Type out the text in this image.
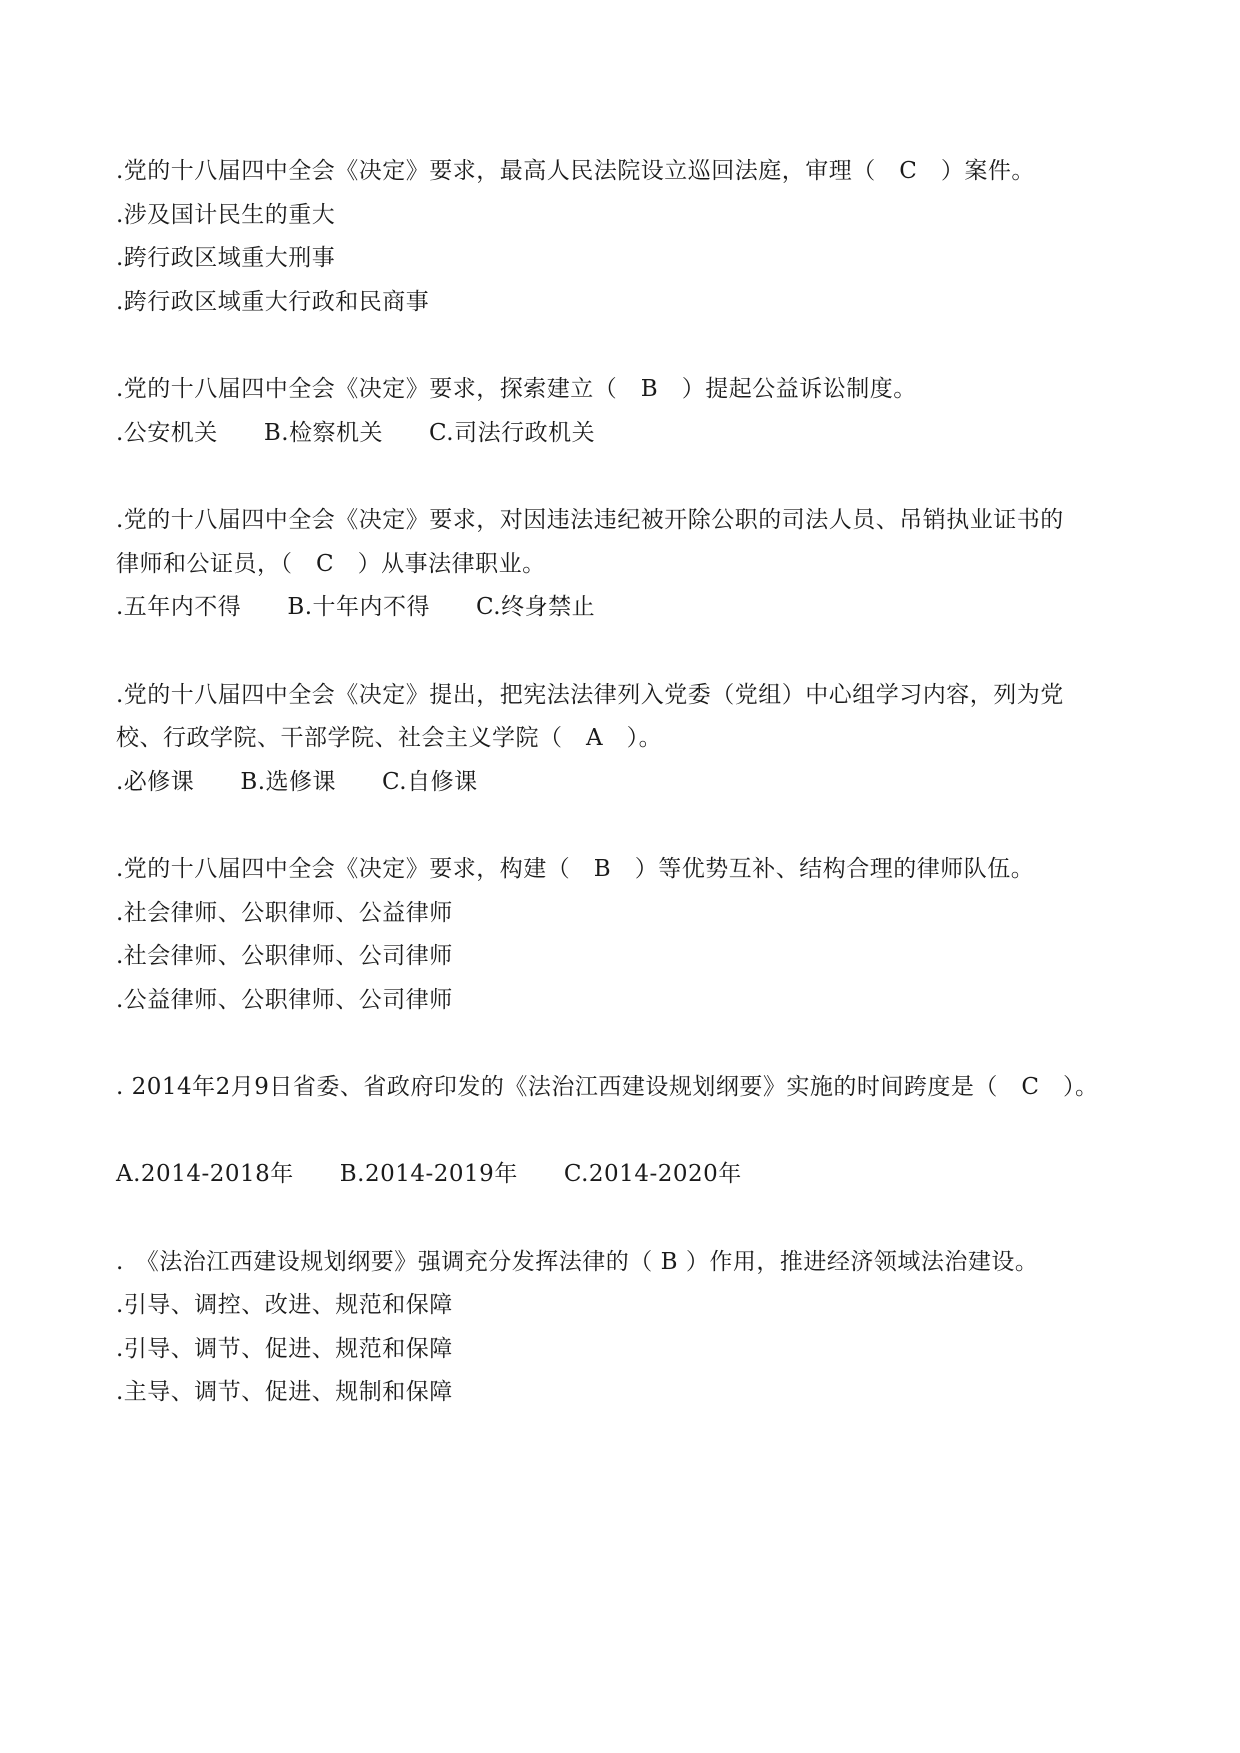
.党的十八届四中全会《决定》要求，最高人民法院设立巡回法庭，审理（　C　）案件。
.涉及国计民生的重大
.跨行政区域重大刑事
.跨行政区域重大行政和民商事
.党的十八届四中全会《决定》要求，探索建立（　B　）提起公益诉讼制度。
.公安机关 B.检察机关 C.司法行政机关
.党的十八届四中全会《决定》要求，对因违法违纪被开除公职的司法人员、吊销执业证书的
律师和公证员，（　C　）从事法律职业。
.五年内不得 B.十年内不得 C.终身禁止
.党的十八届四中全会《决定》提出，把宪法法律列入党委（党组）中心组学习内容，列为党
校、行政学院、干部学院、社会主义学院（　A　）。
.必修课 B.选修课 C.自修课
.党的十八届四中全会《决定》要求，构建（　B　）等优势互补、结构合理的律师队伍。
.社会律师、公职律师、公益律师
.社会律师、公职律师、公司律师
.公益律师、公职律师、公司律师
. 2014年2月9日省委、省政府印发的《法治江西建设规划纲要》实施的时间跨度是（　C　）。
A.2014-2018年 B.2014-2019年 C.2014-2020年
.　《法治江西建设规划纲要》强调充分发挥法律的（ B ）作用，推进经济领域法治建设。
.引导、调控、改进、规范和保障
.引导、调节、促进、规范和保障
.主导、调节、促进、规制和保障
